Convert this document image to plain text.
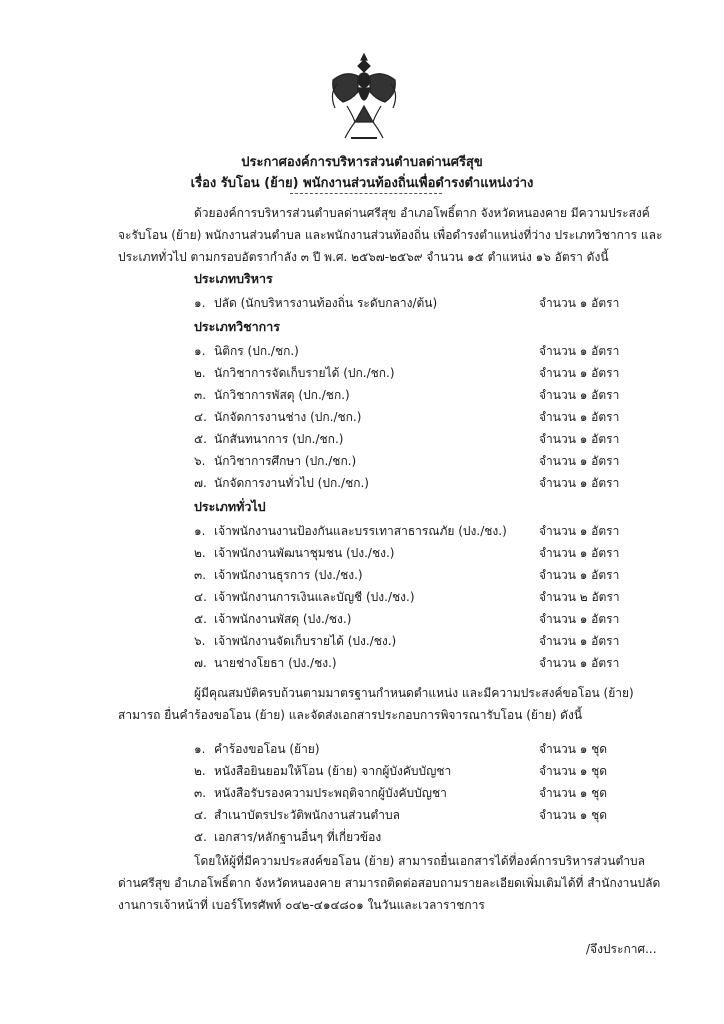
ประกาศองค์การบริหารส่วนตำบลด่านศรีสุข
เรื่อง รับโอน (ย้าย) พนักงานส่วนท้องถิ่นเพื่อดำรงตำแหน่งว่าง
ด้วยองค์การบริหารส่วนตำบลด่านศรีสุข อำเภอโพธิ์ตาก จังหวัดหนองคาย มีความประสงค์
จะรับโอน (ย้าย) พนักงานส่วนตำบล และพนักงานส่วนท้องถิ่น เพื่อดำรงตำแหน่งที่ว่าง ประเภทวิชาการ และ
ประเภททั่วไป ตามกรอบอัตรากำลัง ๓ ปี พ.ศ. ๒๕๖๗-๒๕๖๙ จำนวน ๑๕ ตำแหน่ง ๑๖ อัตรา ดังนี้
ประเภทบริหาร
๑. ปลัด (นักบริหารงานท้องถิ่น ระดับกลาง/ต้น)	จำนวน ๑ อัตรา
ประเภทวิชาการ
๑. นิติกร (ปก./ชก.)	จำนวน ๑ อัตรา
๒. นักวิชาการจัดเก็บรายได้ (ปก./ชก.)	จำนวน ๑ อัตรา
๓. นักวิชาการพัสดุ (ปก./ชก.)	จำนวน ๑ อัตรา
๔. นักจัดการงานช่าง (ปก./ชก.)	จำนวน ๑ อัตรา
๕. นักสันทนาการ (ปก./ชก.)	จำนวน ๑ อัตรา
๖. นักวิชาการศึกษา (ปก./ชก.)	จำนวน ๑ อัตรา
๗. นักจัดการงานทั่วไป (ปก./ชก.)	จำนวน ๑ อัตรา
ประเภททั่วไป
๑. เจ้าพนักงานงานป้องกันและบรรเทาสาธารณภัย (ปง./ชง.)	จำนวน ๑ อัตรา
๒. เจ้าพนักงานพัฒนาชุมชน (ปง./ชง.)	จำนวน ๑ อัตรา
๓. เจ้าพนักงานธุรการ (ปง./ชง.)	จำนวน ๑ อัตรา
๔. เจ้าพนักงานการเงินและบัญชี (ปง./ชง.)	จำนวน ๒ อัตรา
๕. เจ้าพนักงานพัสดุ (ปง./ชง.)	จำนวน ๑ อัตรา
๖. เจ้าพนักงานจัดเก็บรายได้ (ปง./ชง.)	จำนวน ๑ อัตรา
๗. นายช่างโยธา (ปง./ชง.)	จำนวน ๑ อัตรา
ผู้มีคุณสมบัติครบถ้วนตามมาตรฐานกำหนดตำแหน่ง และมีความประสงค์ขอโอน (ย้าย)
สามารถ ยื่นคำร้องขอโอน (ย้าย) และจัดส่งเอกสารประกอบการพิจารณารับโอน (ย้าย) ดังนี้
๑. คำร้องขอโอน (ย้าย)	จำนวน ๑ ชุด
๒. หนังสือยินยอมให้โอน (ย้าย) จากผู้บังคับบัญชา	จำนวน ๑ ชุด
๓. หนังสือรับรองความประพฤติจากผู้บังคับบัญชา	จำนวน ๑ ชุด
๔. สำเนาบัตรประวัติพนักงานส่วนตำบล	จำนวน ๑ ชุด
๕. เอกสาร/หลักฐานอื่นๆ ที่เกี่ยวข้อง
โดยให้ผู้ที่มีความประสงค์ขอโอน (ย้าย) สามารถยื่นเอกสารได้ที่องค์การบริหารส่วนตำบล
ด่านศรีสุข อำเภอโพธิ์ตาก จังหวัดหนองคาย สามารถติดต่อสอบถามรายละเอียดเพิ่มเติมได้ที่ สำนักงานปลัด
งานการเจ้าหน้าที่ เบอร์โทรศัพท์ ๐๔๒-๔๑๔๘๐๑ ในวันและเวลาราชการ
/จึงประกาศ...
